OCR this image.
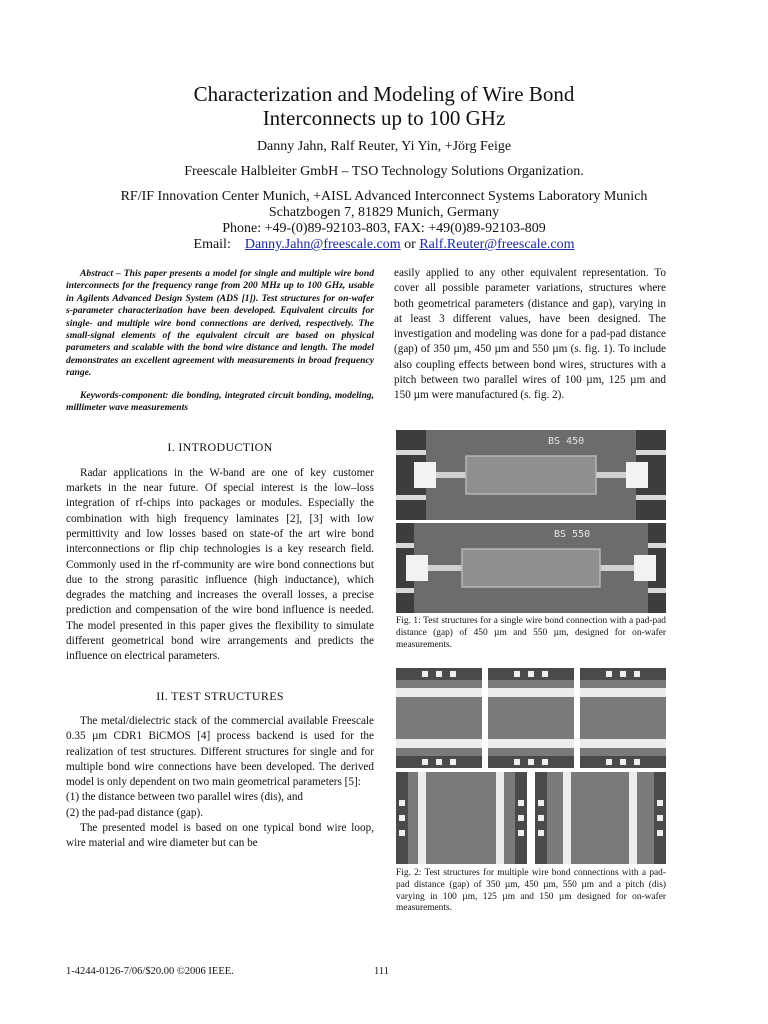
Characterization and Modeling of Wire Bond
Interconnects up to 100 GHz
Danny Jahn, Ralf Reuter, Yi Yin, +Jörg Feige
Freescale Halbleiter GmbH – TSO Technology Solutions Organization.
RF/IF Innovation Center Munich, +AISL Advanced Interconnect Systems Laboratory Munich
Schatzbogen 7, 81829 Munich, Germany
Phone: +49-(0)89-92103-803, FAX: +49(0)89-92103-809
Email: Danny.Jahn@freescale.com or Ralf.Reuter@freescale.com

Abstract – This paper presents a model for single and multiple wire bond interconnects for the frequency range from 200 MHz up to 100 GHz, usable in Agilents Advanced Design System (ADS [1]). Test structures for on-wafer s-parameter characterization have been developed. Equivalent circuits for single- and multiple wire bond connections are derived, respectively. The small-signal elements of the equivalent circuit are based on physical parameters and scalable with the bond wire distance and length. The model demonstrates an excellent agreement with measurements in broad frequency range.

Keywords-component: die bonding, integrated circuit bonding, modeling, millimeter wave measurements

I. INTRODUCTION

Radar applications in the W-band are one of key customer markets in the near future. Of special interest is the low–loss integration of rf-chips into packages or modules. Especially the combination with high frequency laminates [2], [3] with low permittivity and low losses based on state-of the art wire bond interconnections or flip chip technologies is a key research field. Commonly used in the rf-community are wire bond connections but due to the strong parasitic influence (high inductance), which degrades the matching and increases the overall losses, a precise prediction and compensation of the wire bond influence is needed. The model presented in this paper gives the flexibility to simulate different geometrical bond wire arrangements and predicts the influence on electrical parameters.

II. TEST STRUCTURES

The metal/dielectric stack of the commercial available Freescale 0.35 µm CDR1 BiCMOS [4] process backend is used for the realization of test structures. Different structures for single and for multiple bond wire connections have been developed. The derived model is only dependent on two main geometrical parameters [5]:

(1) the distance between two parallel wires (dis), and

(2) the pad-pad distance (gap).

The presented model is based on one typical bond wire loop, wire material and wire diameter but can be

easily applied to any other equivalent representation. To cover all possible parameter variations, structures where both geometrical parameters (distance and gap), varying in at least 3 different values, have been designed. The investigation and modeling was done for a pad-pad distance (gap) of 350 µm, 450 µm and 550 µm (s. fig. 1). To include also coupling effects between bond wires, structures with a pitch between two parallel wires of 100 µm, 125 µm and 150 µm were manufactured (s. fig. 2).

BS 450
BS 550
Fig. 1: Test structures for a single wire bond connection with a pad-pad distance (gap) of 450 µm and 550 µm, designed for on-wafer measurements.
Fig. 2: Test structures for multiple wire bond connections with a pad-pad distance (gap) of 350 µm, 450 µm, 550 µm and a pitch (dis) varying in 100 µm, 125 µm and 150 µm designed for on-wafer measurements.
1-4244-0126-7/06/$20.00 ©2006 IEEE.	111
